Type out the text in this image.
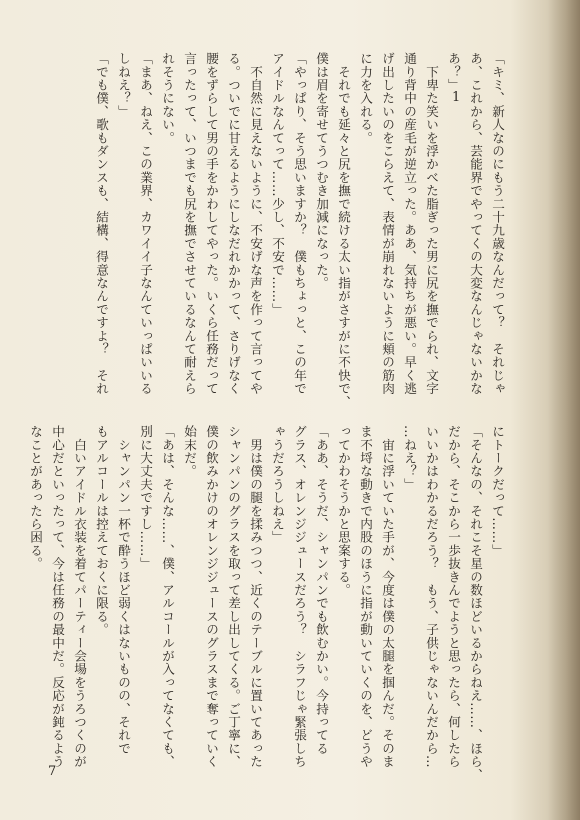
1	「キミ、新人なのにもう二十九歳なんだって？　それじゃ

あ、これから、芸能界でやってくの大変なんじゃないかな

あ？」

　下卑た笑いを浮かべた脂ぎった男に尻を撫でられ、文字

通り背中の産毛が逆立った。ああ、気持ちが悪い。早く逃

げ出したいのをこらえて、表情が崩れないように頬の筋肉

に力を入れる。

　それでも延々と尻を撫で続ける太い指がさすがに不快で、

僕は眉を寄せてうつむき加減になった。

「やっぱり、そう思いますか？　僕もちょっと、この年で

アイドルなんてって……少し、不安で……」

　不自然に見えないように、不安げな声を作って言ってや

る。ついでに甘えるようにしなだれかかって、さりげなく

腰をずらして男の手をかわしてやった。いくら任務だって

言ったって、いつまでも尻を撫でさせているなんて耐えら

れそうにない。

「まあ、ねえ、この業界、カワイイ子なんていっぱいいる

しねえ？」

「でも僕、歌もダンスも、結構、得意なんですよ？　それ

にトークだって……」

「そんなの、それこそ星の数ほどいるからねえ……、ほら、

だから、そこから一歩抜きんでようと思ったら、何したら

いいかはわかるだろう？　もう、子供じゃないんだから…

…ねえ？」

　宙に浮いていた手が、今度は僕の太腿を掴んだ。そのま

ま不埒な動きで内股のほうに指が動いていくのを、どうや

ってかわそうかと思案する。

「ああ、そうだ、シャンパンでも飲むかい。今持ってる

グラス、オレンジジュースだろう？　シラフじゃ緊張しち

ゃうだろうしねえ」

　男は僕の腿を揉みつつ、近くのテーブルに置いてあった

シャンパンのグラスを取って差し出してくる。ご丁寧に、

僕の飲みかけのオレンジジュースのグラスまで奪っていく

始末だ。

「あは、そんな……、僕、アルコールが入ってなくても、

別に大丈夫ですし……」

　シャンパン一杯で酔うほど弱くはないものの、それで

もアルコールは控えておくに限る。

　白いアイドル衣装を着てパーティー会場をうろつくのが

中心だといったって、今は任務の最中だ。反応が鈍るよう

なことがあったら困る。

7
